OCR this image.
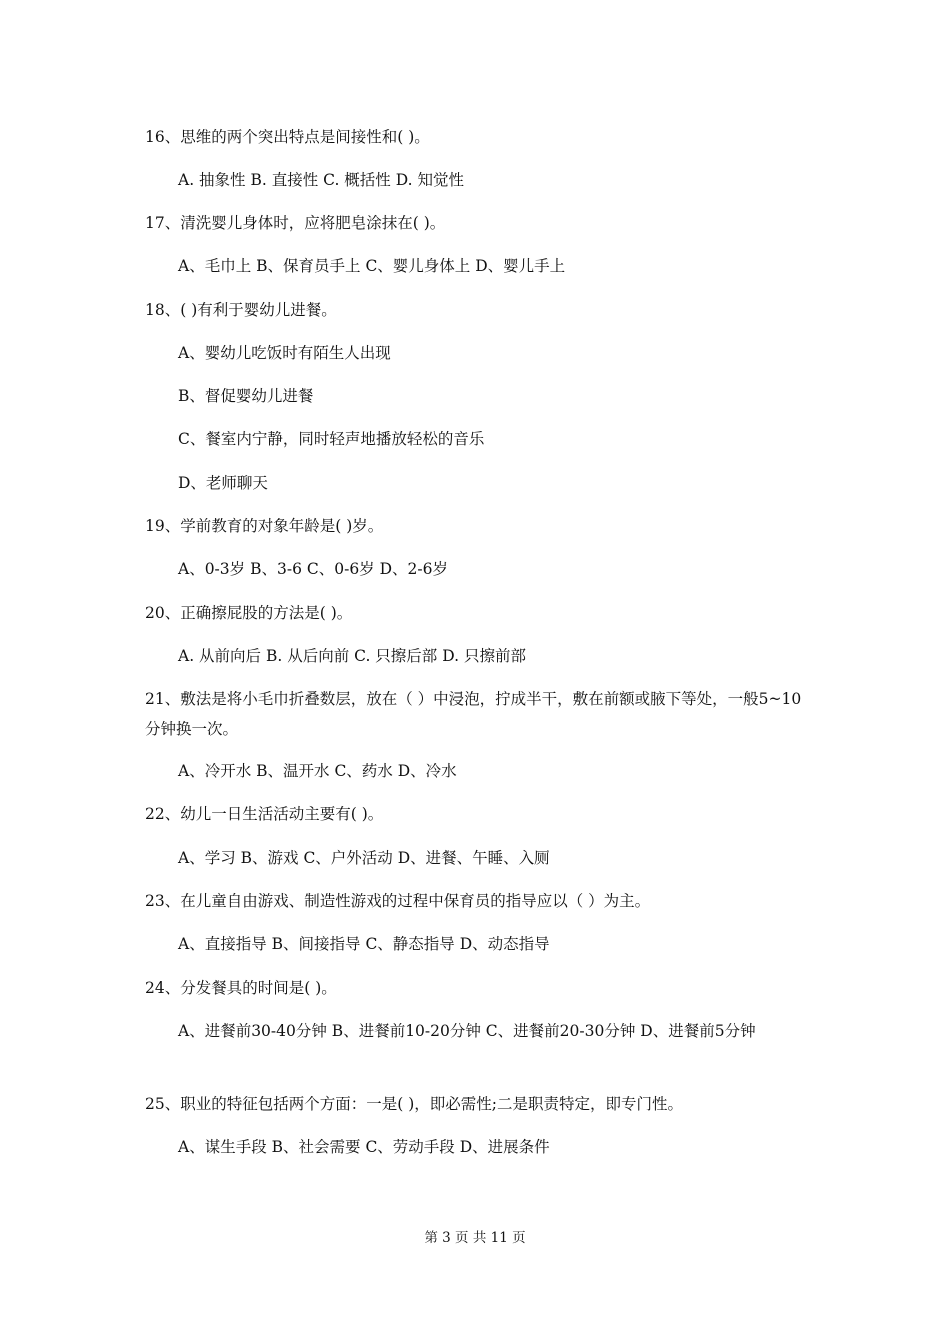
16、思维的两个突出特点是间接性和( )。
A. 抽象性 B. 直接性 C. 概括性 D. 知觉性
17、清洗婴儿身体时，应将肥皂涂抹在( )。
A、毛巾上 B、保育员手上 C、婴儿身体上 D、婴儿手上
18、( )有利于婴幼儿进餐。
A、婴幼儿吃饭时有陌生人出现
B、督促婴幼儿进餐
C、餐室内宁静，同时轻声地播放轻松的音乐
D、老师聊天
19、学前教育的对象年龄是( )岁。
A、0-3岁 B、3-6 C、0-6岁 D、2-6岁
20、正确擦屁股的方法是( )。
A. 从前向后 B. 从后向前 C. 只擦后部 D. 只擦前部
21、敷法是将小毛巾折叠数层，放在（ ）中浸泡，拧成半干，敷在前额或腋下等处，一般5~10分钟换一次。
A、冷开水 B、温开水 C、药水 D、冷水
22、幼儿一日生活活动主要有( )。
A、学习 B、游戏 C、户外活动 D、进餐、午睡、入厕
23、在儿童自由游戏、制造性游戏的过程中保育员的指导应以（ ）为主。
A、直接指导 B、间接指导 C、静态指导 D、动态指导
24、分发餐具的时间是( )。
A、进餐前30-40分钟 B、进餐前10-20分钟 C、进餐前20-30分钟 D、进餐前5分钟
25、职业的特征包括两个方面：一是( )，即必需性;二是职责特定，即专门性。
A、谋生手段 B、社会需要 C、劳动手段 D、进展条件
第 3 页 共 11 页
